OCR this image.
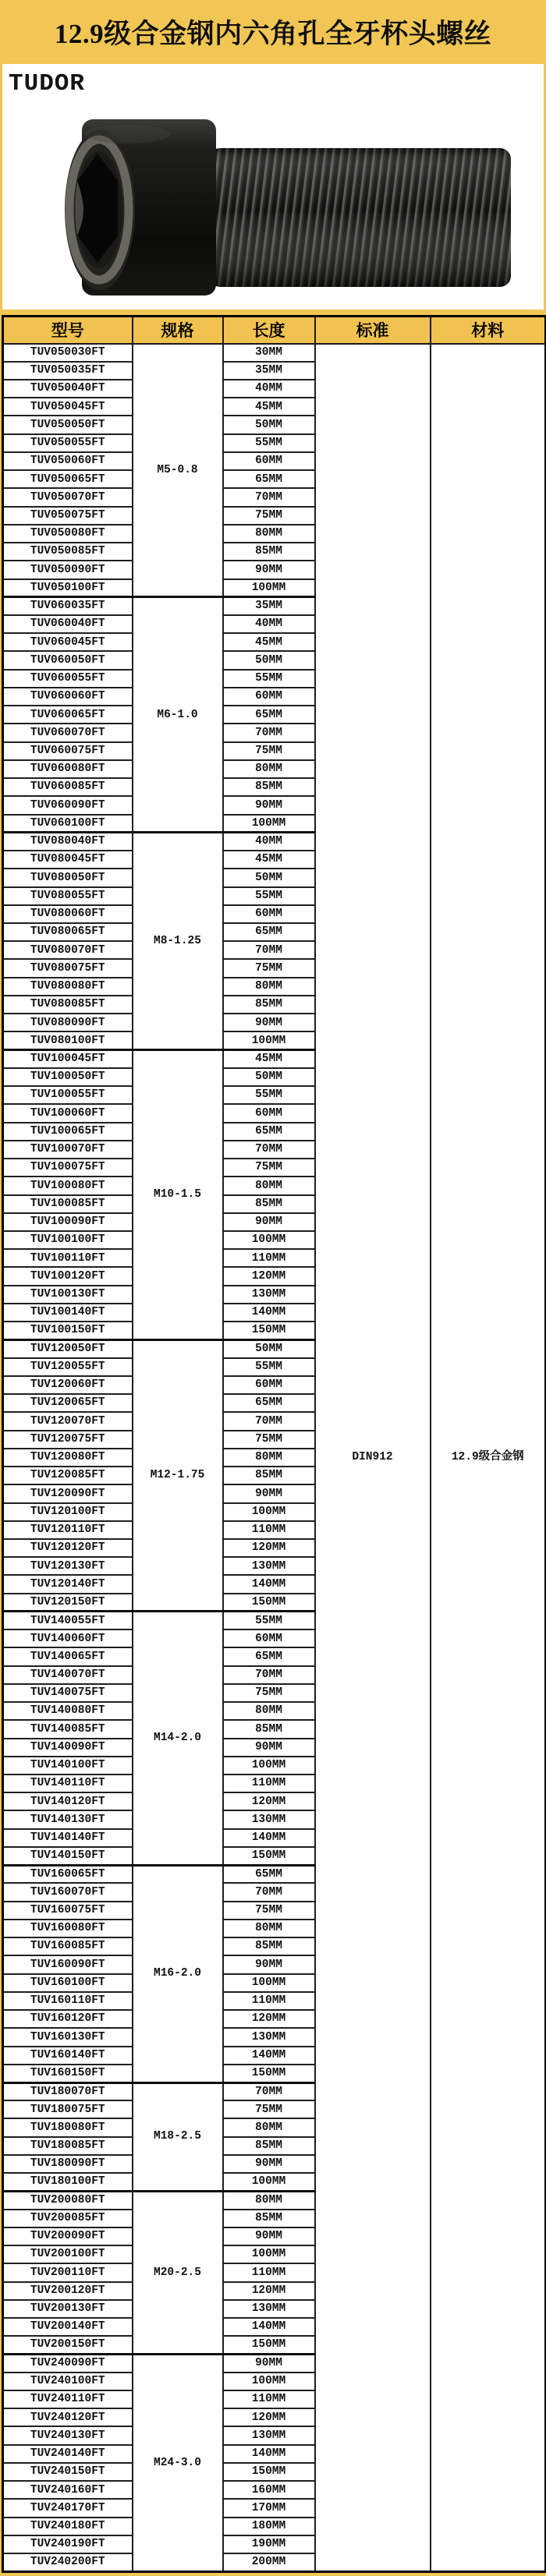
12.9级合金钢内六角孔全牙杯头螺丝
TUDOR
型号	规格	长度	标准	材料
TUV050030FT	M5-0.8	30MM	DIN912	12.9级合金钢
TUV050035FT		35MM		
TUV050040FT		40MM		
TUV050045FT		45MM		
TUV050050FT		50MM		
TUV050055FT		55MM		
TUV050060FT		60MM		
TUV050065FT		65MM		
TUV050070FT		70MM		
TUV050075FT		75MM		
TUV050080FT		80MM		
TUV050085FT		85MM		
TUV050090FT		90MM		
TUV050100FT		100MM		
TUV060035FT	M6-1.0	35MM		
TUV060040FT		40MM		
TUV060045FT		45MM		
TUV060050FT		50MM		
TUV060055FT		55MM		
TUV060060FT		60MM		
TUV060065FT		65MM		
TUV060070FT		70MM		
TUV060075FT		75MM		
TUV060080FT		80MM		
TUV060085FT		85MM		
TUV060090FT		90MM		
TUV060100FT		100MM		
TUV080040FT	M8-1.25	40MM		
TUV080045FT		45MM		
TUV080050FT		50MM		
TUV080055FT		55MM		
TUV080060FT		60MM		
TUV080065FT		65MM		
TUV080070FT		70MM		
TUV080075FT		75MM		
TUV080080FT		80MM		
TUV080085FT		85MM		
TUV080090FT		90MM		
TUV080100FT		100MM		
TUV100045FT	M10-1.5	45MM		
TUV100050FT		50MM		
TUV100055FT		55MM		
TUV100060FT		60MM		
TUV100065FT		65MM		
TUV100070FT		70MM		
TUV100075FT		75MM		
TUV100080FT		80MM		
TUV100085FT		85MM		
TUV100090FT		90MM		
TUV100100FT		100MM		
TUV100110FT		110MM		
TUV100120FT		120MM		
TUV100130FT		130MM		
TUV100140FT		140MM		
TUV100150FT		150MM		
TUV120050FT	M12-1.75	50MM		
TUV120055FT		55MM		
TUV120060FT		60MM		
TUV120065FT		65MM		
TUV120070FT		70MM		
TUV120075FT		75MM		
TUV120080FT		80MM		
TUV120085FT		85MM		
TUV120090FT		90MM		
TUV120100FT		100MM		
TUV120110FT		110MM		
TUV120120FT		120MM		
TUV120130FT		130MM		
TUV120140FT		140MM		
TUV120150FT		150MM		
TUV140055FT	M14-2.0	55MM		
TUV140060FT		60MM		
TUV140065FT		65MM		
TUV140070FT		70MM		
TUV140075FT		75MM		
TUV140080FT		80MM		
TUV140085FT		85MM		
TUV140090FT		90MM		
TUV140100FT		100MM		
TUV140110FT		110MM		
TUV140120FT		120MM		
TUV140130FT		130MM		
TUV140140FT		140MM		
TUV140150FT		150MM		
TUV160065FT	M16-2.0	65MM		
TUV160070FT		70MM		
TUV160075FT		75MM		
TUV160080FT		80MM		
TUV160085FT		85MM		
TUV160090FT		90MM		
TUV160100FT		100MM		
TUV160110FT		110MM		
TUV160120FT		120MM		
TUV160130FT		130MM		
TUV160140FT		140MM		
TUV160150FT		150MM		
TUV180070FT	M18-2.5	70MM		
TUV180075FT		75MM		
TUV180080FT		80MM		
TUV180085FT		85MM		
TUV180090FT		90MM		
TUV180100FT		100MM		
TUV200080FT	M20-2.5	80MM		
TUV200085FT		85MM		
TUV200090FT		90MM		
TUV200100FT		100MM		
TUV200110FT		110MM		
TUV200120FT		120MM		
TUV200130FT		130MM		
TUV200140FT		140MM		
TUV200150FT		150MM		
TUV240090FT	M24-3.0	90MM		
TUV240100FT		100MM		
TUV240110FT		110MM		
TUV240120FT		120MM		
TUV240130FT		130MM		
TUV240140FT		140MM		
TUV240150FT		150MM		
TUV240160FT		160MM		
TUV240170FT		170MM		
TUV240180FT		180MM		
TUV240190FT		190MM		
TUV240200FT		200MM		
